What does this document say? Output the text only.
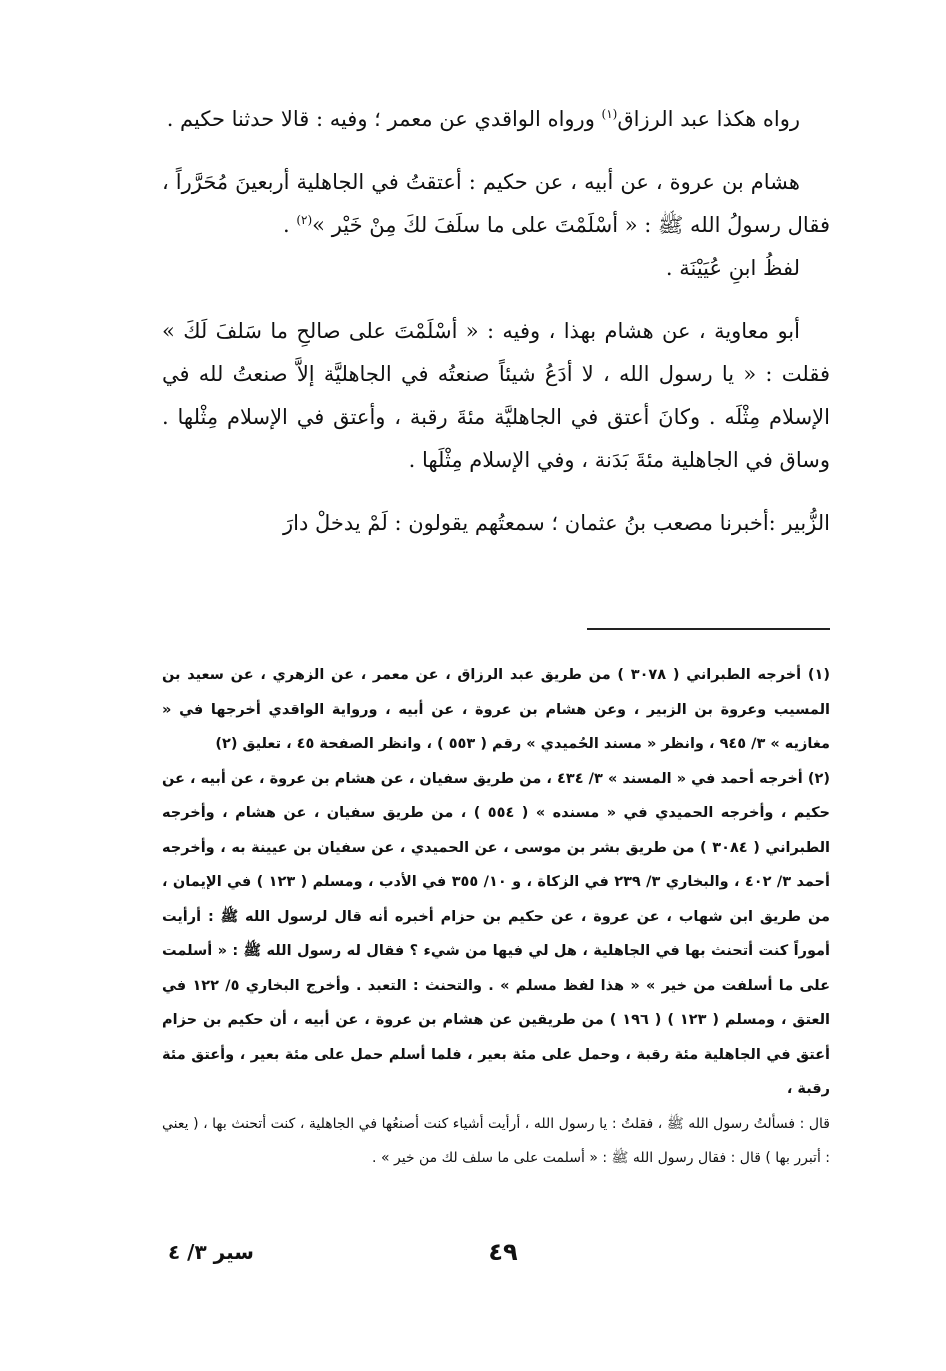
رواه هكذا عبد الرزاق$^{(١)}$ ورواه الواقدي عن معمر ؛ وفيه : قالا حدثنا حكيم .

هشام بن عروة ، عن أبيه ، عن حكيم : أعتقتُ في الجاهلية أربعينَ مُحَرَّراً ، فقال رسولُ الله ﷺ : « أسْلَمْتَ على ما سلَفَ لكَ مِنْ خَيْر »$^{(٢)}$ .

لفظُ ابنِ عُيَيْنَة .

أبو معاوية ، عن هشام بهذا ، وفيه : « أسْلَمْتَ على صالحِ ما سَلفَ لَكَ » فقلت : « يا رسول الله ، لا أدَعُ شيئاً صنعتُه في الجاهليَّة إلاَّ صنعتُ لله في الإسلام مِثْلَه . وكانَ أعتق في الجاهليَّة مئةَ رقبة ، وأعتق في الإسلام مِثْلها . وساق في الجاهلية مئةَ بَدَنة ، وفي الإسلام مِثْلَها .

الزُّبير :أخبرنا مصعب بنُ عثمان ؛ سمعتُهم يقولون : لَمْ يدخلْ دارَ

(١) أخرجه الطبراني ( ٣٠٧٨ ) من طريق عبد الرزاق ، عن معمر ، عن الزهري ، عن سعيد بن المسيب وعروة بن الزبير ، وعن هشام بن عروة ، عن أبيه ، ورواية الواقدي أخرجها في « مغازيه » ٣/ ٩٤٥ ، وانظر « مسند الحُميدي » رقم ( ٥٥٣ ) ، وانظر الصفحة ٤٥ ، تعليق (٢)

(٢) أخرجه أحمد في « المسند » ٣/ ٤٣٤ ، من طريق سفيان ، عن هشام بن عروة ، عن أبيه ، عن حكيم ، وأخرجه الحميدي في « مسنده » ( ٥٥٤ ) ، من طريق سفيان ، عن هشام ، وأخرجه الطبراني ( ٣٠٨٤ ) من طريق بشر بن موسى ، عن الحميدي ، عن سفيان بن عيينة به ، وأخرجه أحمد ٣/ ٤٠٢ ، والبخاري ٣/ ٢٣٩ في الزكاة ، و ١٠/ ٣٥٥ في الأدب ، ومسلم ( ١٢٣ ) في الإيمان ، من طريق ابن شهاب ، عن عروة ، عن حكيم بن حزام أخبره أنه قال لرسول الله ﷺ : أرأيت أموراً كنت أتحنث بها في الجاهلية ، هل لي فيها من شيء ؟ فقال له رسول الله ﷺ : « أسلمت على ما أسلفت من خير » « هذا لفظ مسلم » . والتحنث : التعبد . وأخرج البخاري ٥/ ١٢٢ في العتق ، ومسلم ( ١٢٣ ) ( ١٩٦ ) من طريقين عن هشام بن عروة ، عن أبيه ، أن حكيم بن حزام أعتق في الجاهلية مئة رقبة ، وحمل على مئة بعير ، فلما أسلم حمل على مئة بعير ، وأعتق مئة رقبة ،

قال : فسألتُ رسول الله ﷺ ، فقلتُ : يا رسول الله ، أرأيت أشياء كنت أصنعُها في الجاهلية ، كنت أتحنث بها ، ( يعني : أتبرر بها ) قال : فقال رسول الله ﷺ : « أسلمت على ما سلف لك من خير » .

٤٩
سير ٣/ ٤
